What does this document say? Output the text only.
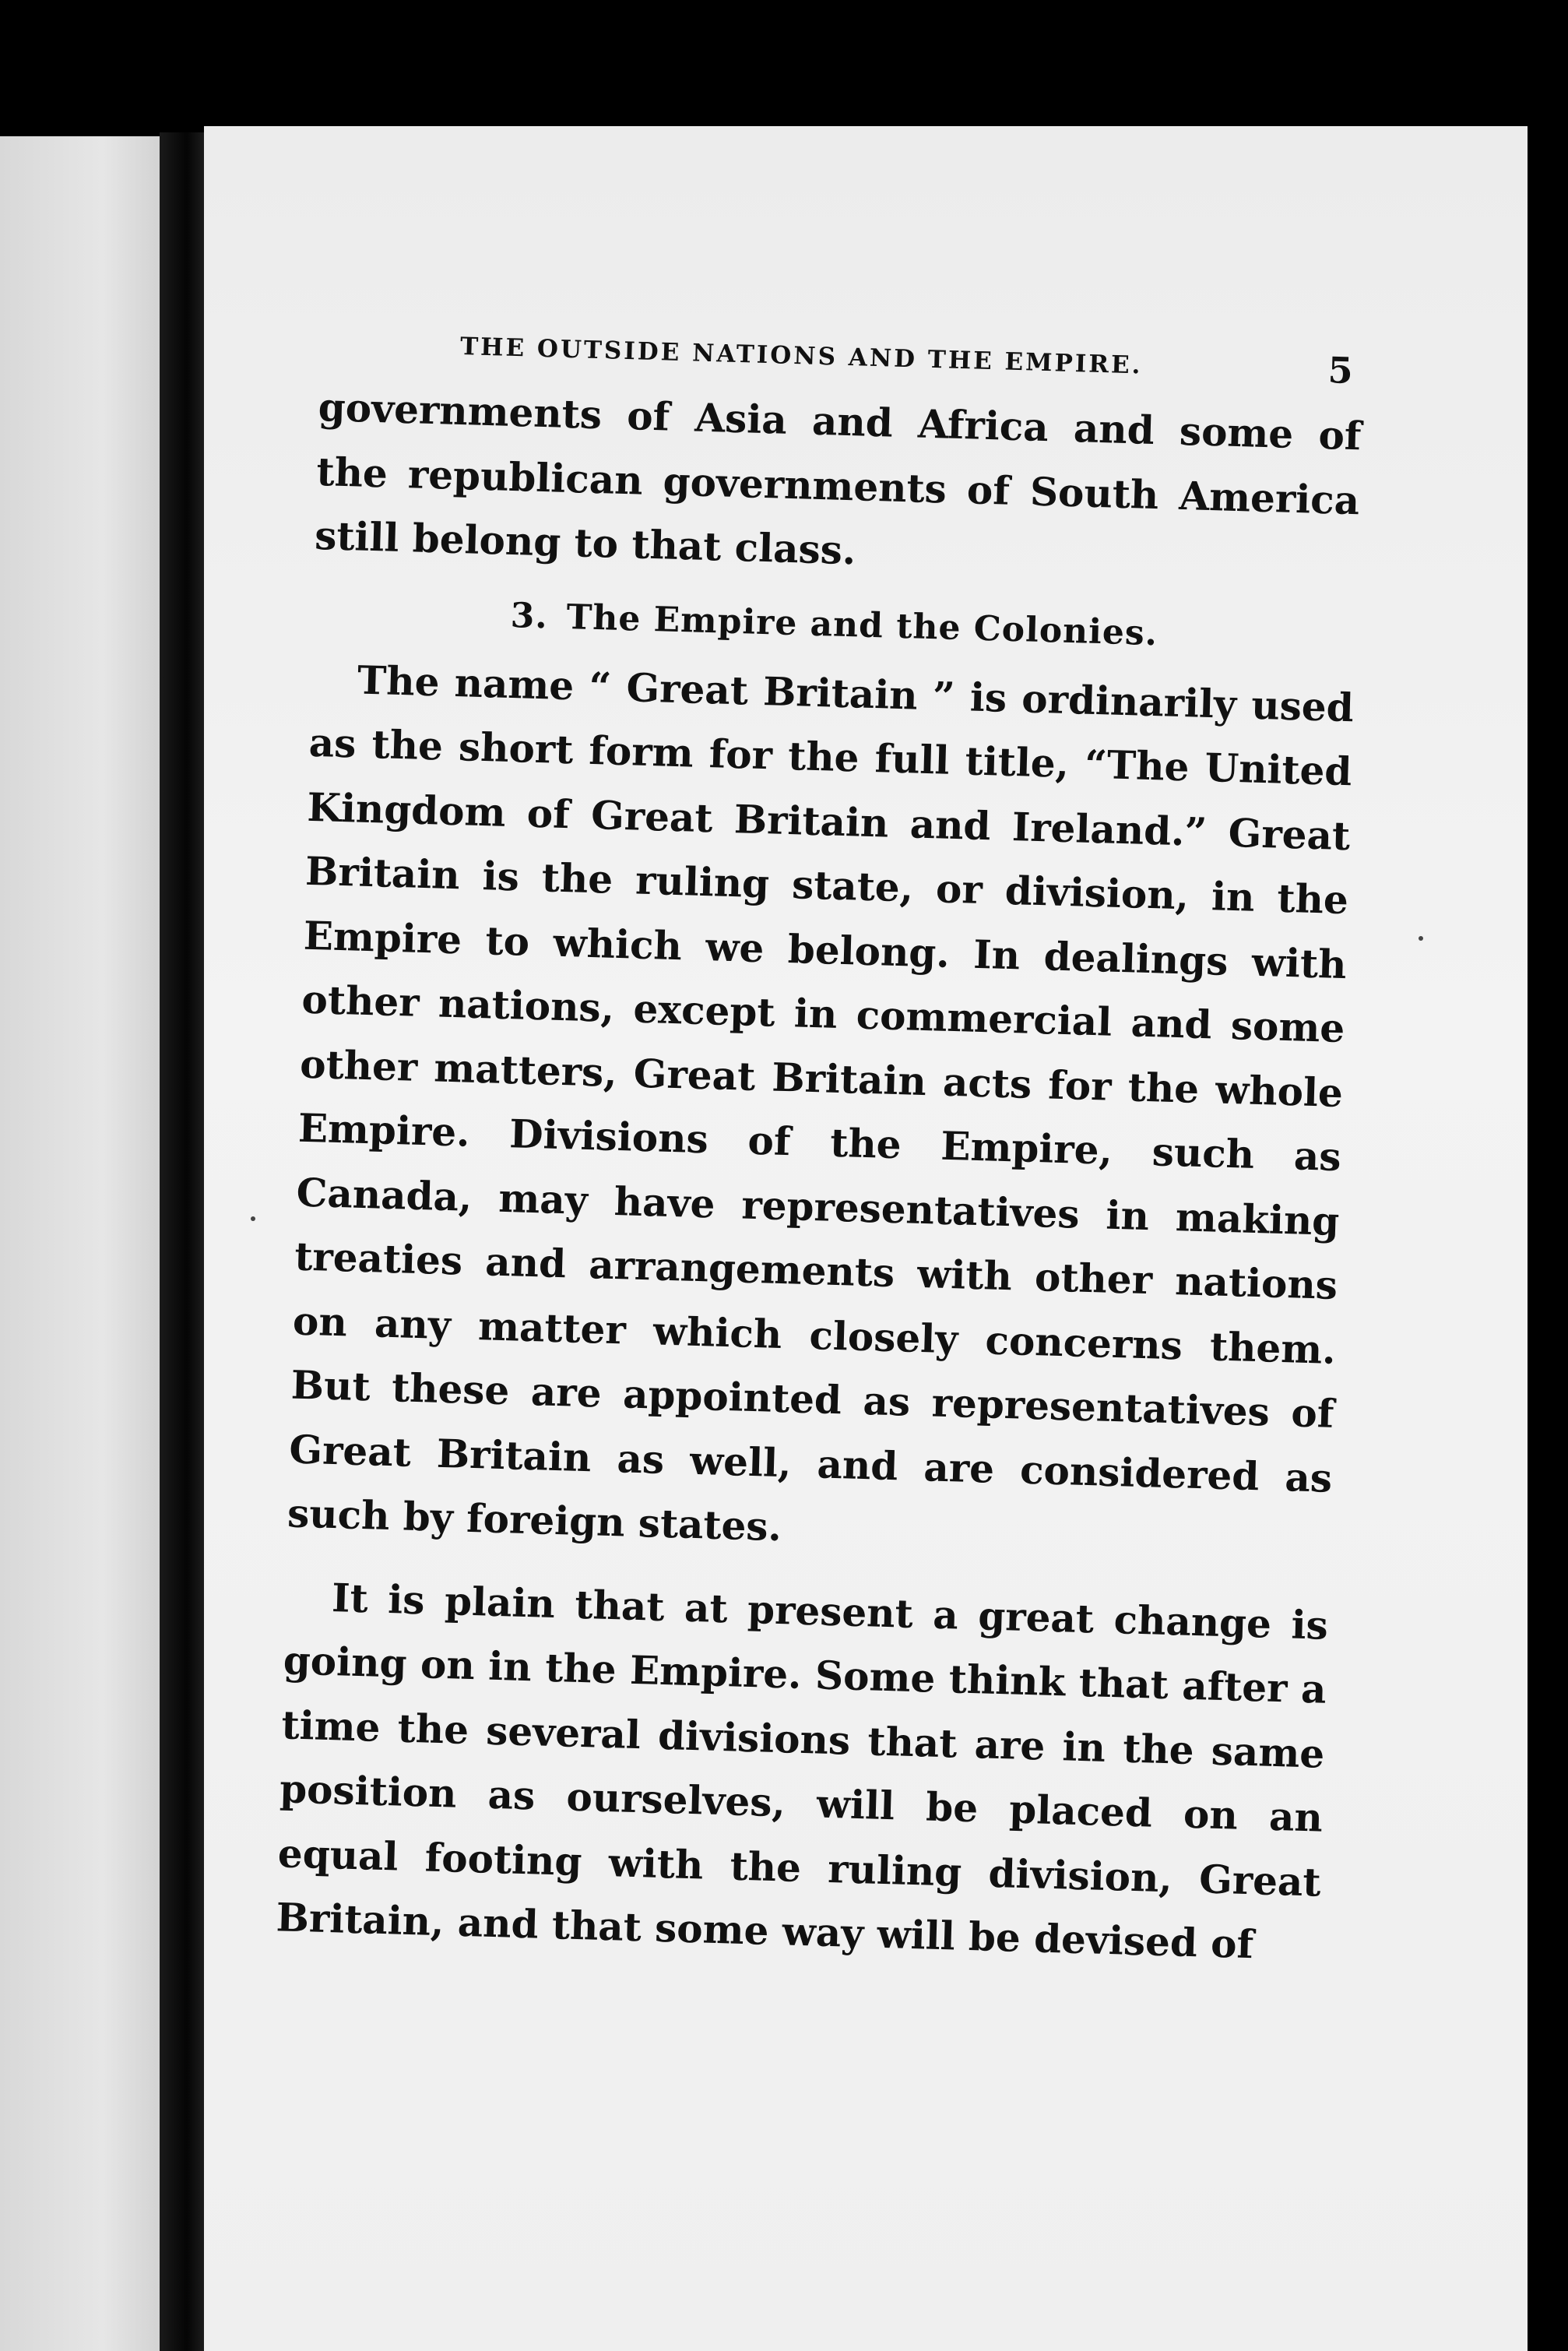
THE OUTSIDE NATIONS AND THE EMPIRE.	5

governments of Asia and Africa and some of the republican governments of South America still belong to that class.

3. The Empire and the Colonies.

The name “ Great Britain ” is ordinarily used as the short form for the full title, “The United Kingdom of Great Britain and Ireland.” Great Britain is the ruling state, or division, in the Empire to which we belong. In dealings with other nations, except in commercial and some other matters, Great Britain acts for the whole Empire. Divisions of the Empire, such as Canada, may have representatives in making treaties and arrangements with other nations on any matter which closely concerns them. But these are appointed as representatives of Great Britain as well, and are considered as such by foreign states.

It is plain that at present a great change is going on in the Empire. Some think that after a time the several divisions that are in the same position as ourselves, will be placed on an equal footing with the ruling division, Great Britain, and that some way will be devised of
